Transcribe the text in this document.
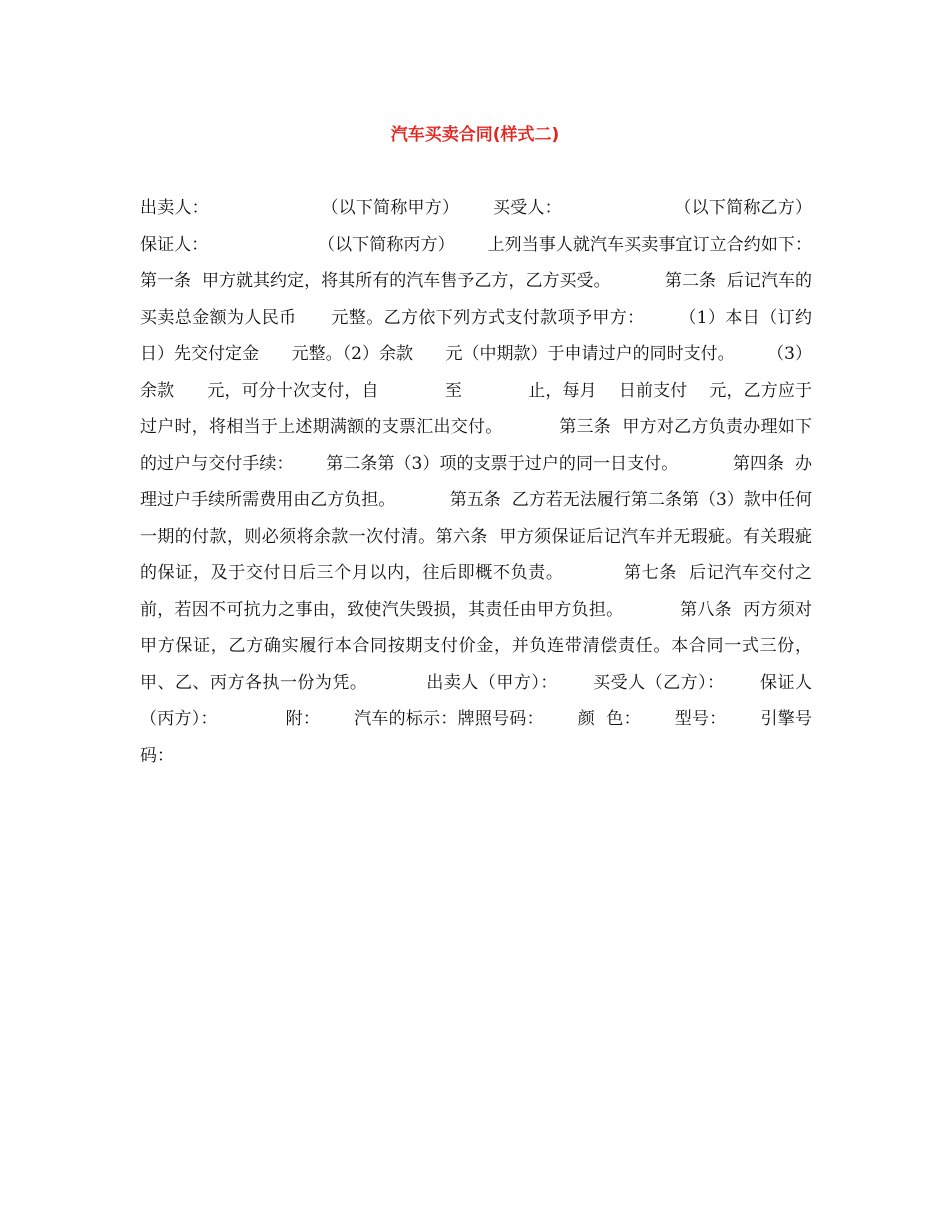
汽车买卖合同(样式二)

出卖人：                    （以下简称甲方）      买受人：                    （以下简称乙方）      保证人：                    （以下简称丙方）      上列当事人就汽车买卖事宜订立合约如下：          第一条  甲方就其约定，将其所有的汽车售予乙方，乙方买受。          第二条  后记汽车的买卖总金额为人民币      元整。乙方依下列方式支付款项予甲方：      （1）本日（订约日）先交付定金      元整。（2）余款      元（中期款）于申请过户的同时支付。      （3）余款      元，可分十次支付，自            至            止，每月    日前支付    元，乙方应于过户时，将相当于上述期满额的支票汇出交付。          第三条  甲方对乙方负责办理如下的过户与交付手续：      第二条第（3）项的支票于过户的同一日支付。          第四条  办理过户手续所需费用由乙方负担。          第五条  乙方若无法履行第二条第（3）款中任何一期的付款，则必须将余款一次付清。第六条  甲方须保证后记汽车并无瑕疵。有关瑕疵的保证，及于交付日后三个月以内，往后即概不负责。          第七条  后记汽车交付之前，若因不可抗力之事由，致使汽失毁损，其责任由甲方负担。          第八条  丙方须对甲方保证，乙方确实履行本合同按期支付价金，并负连带清偿责任。本合同一式三份，甲、乙、丙方各执一份为凭。          出卖人（甲方）：      买受人（乙方）：      保证人（丙方）：            附：      汽车的标示：牌照号码：      颜  色：      型号：      引擎号码：
